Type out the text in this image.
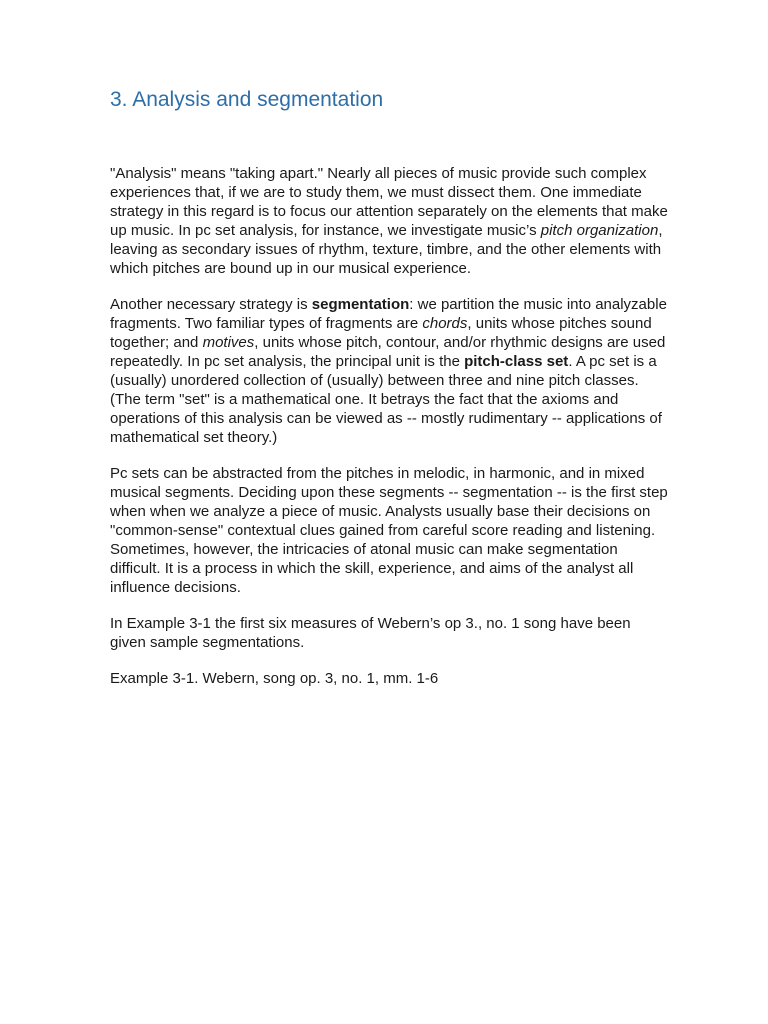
3. Analysis and segmentation

"Analysis" means "taking apart." Nearly all pieces of music provide such complex experiences that, if we are to study them, we must dissect them. One immediate strategy in this regard is to focus our attention separately on the elements that make up music. In pc set analysis, for instance, we investigate music’s pitch organization, leaving as secondary issues of rhythm, texture, timbre, and the other elements with which pitches are bound up in our musical experience.

Another necessary strategy is segmentation: we partition the music into analyzable fragments. Two familiar types of fragments are chords, units whose pitches sound together; and motives, units whose pitch, contour, and/or rhythmic designs are used repeatedly. In pc set analysis, the principal unit is the pitch-class set. A pc set is a (usually) unordered collection of (usually) between three and nine pitch classes. (The term "set" is a mathematical one. It betrays the fact that the axioms and operations of this analysis can be viewed as -- mostly rudimentary -- applications of mathematical set theory.)

Pc sets can be abstracted from the pitches in melodic, in harmonic, and in mixed musical segments. Deciding upon these segments -- segmentation -- is the first step when when we analyze a piece of music. Analysts usually base their decisions on "common-sense" contextual clues gained from careful score reading and listening. Sometimes, however, the intricacies of atonal music can make segmentation difficult. It is a process in which the skill, experience, and aims of the analyst all influence decisions.

In Example 3-1 the first six measures of Webern’s op 3., no. 1 song have been given sample segmentations.

Example 3-1. Webern, song op. 3, no. 1, mm. 1-6
